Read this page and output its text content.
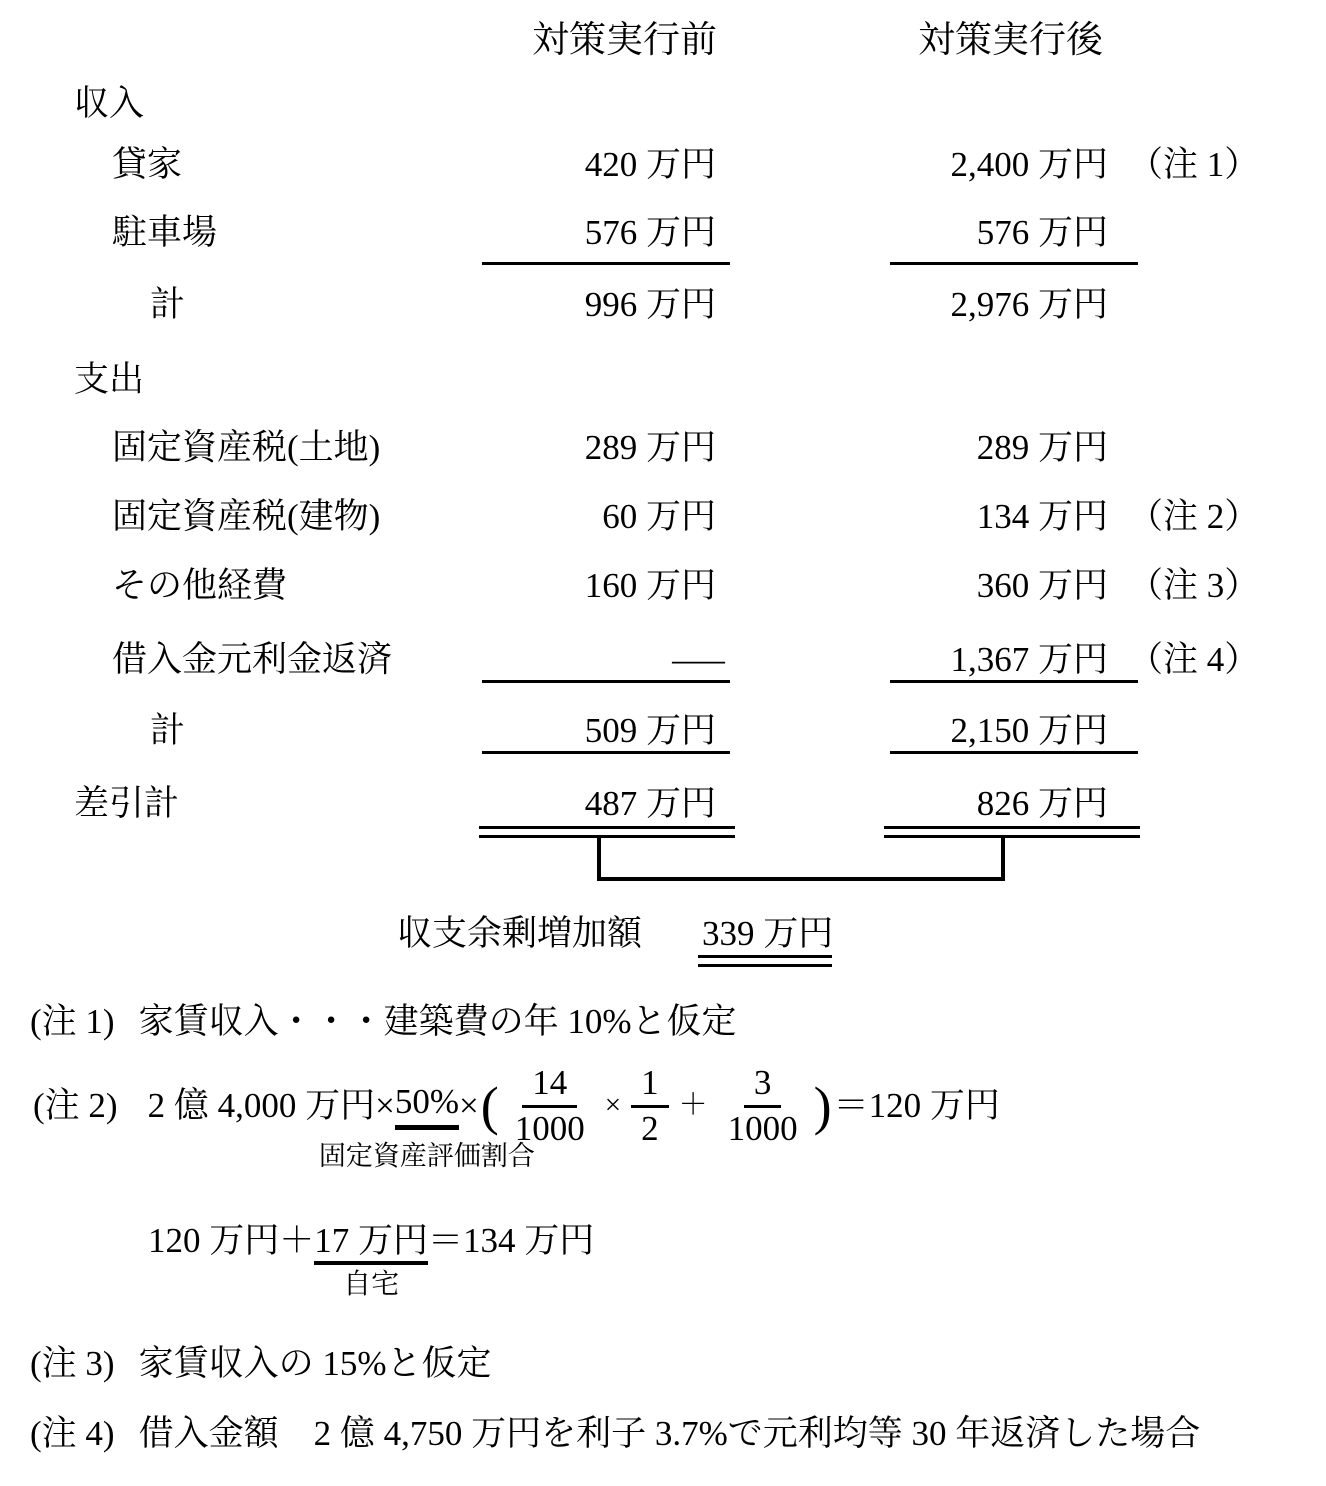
対策実行前	対策実行後
収入
貸家	420 万円	2,400 万円 （注 1）
駐車場	576 万円	576 万円
計	996 万円	2,976 万円
支出
固定資産税(土地)	289 万円	289 万円
固定資産税(建物)	60 万円	134 万円 （注 2）
その他経費	160 万円	360 万円 （注 3）
借入金元利金返済	—	1,367 万円 （注 4）
計	509 万円	2,150 万円
差引計	487 万円	826 万円
収支余剰増加額 339 万円
(注 1) 家賃収入・・・建築費の年 10%と仮定
(注 2) 2 億 4,000 万円× 50%
固定資産評価割合
× ( $\frac{14}{1000} \times \frac{1}{2} + \frac{3}{1000}$ ) ＝120 万円
120 万円＋17 万円
自宅
＝134 万円
(注 3) 家賃収入の 15%と仮定
(注 4) 借入金額　2 億 4,750 万円を利子 3.7%で元利均等 30 年返済した場合
